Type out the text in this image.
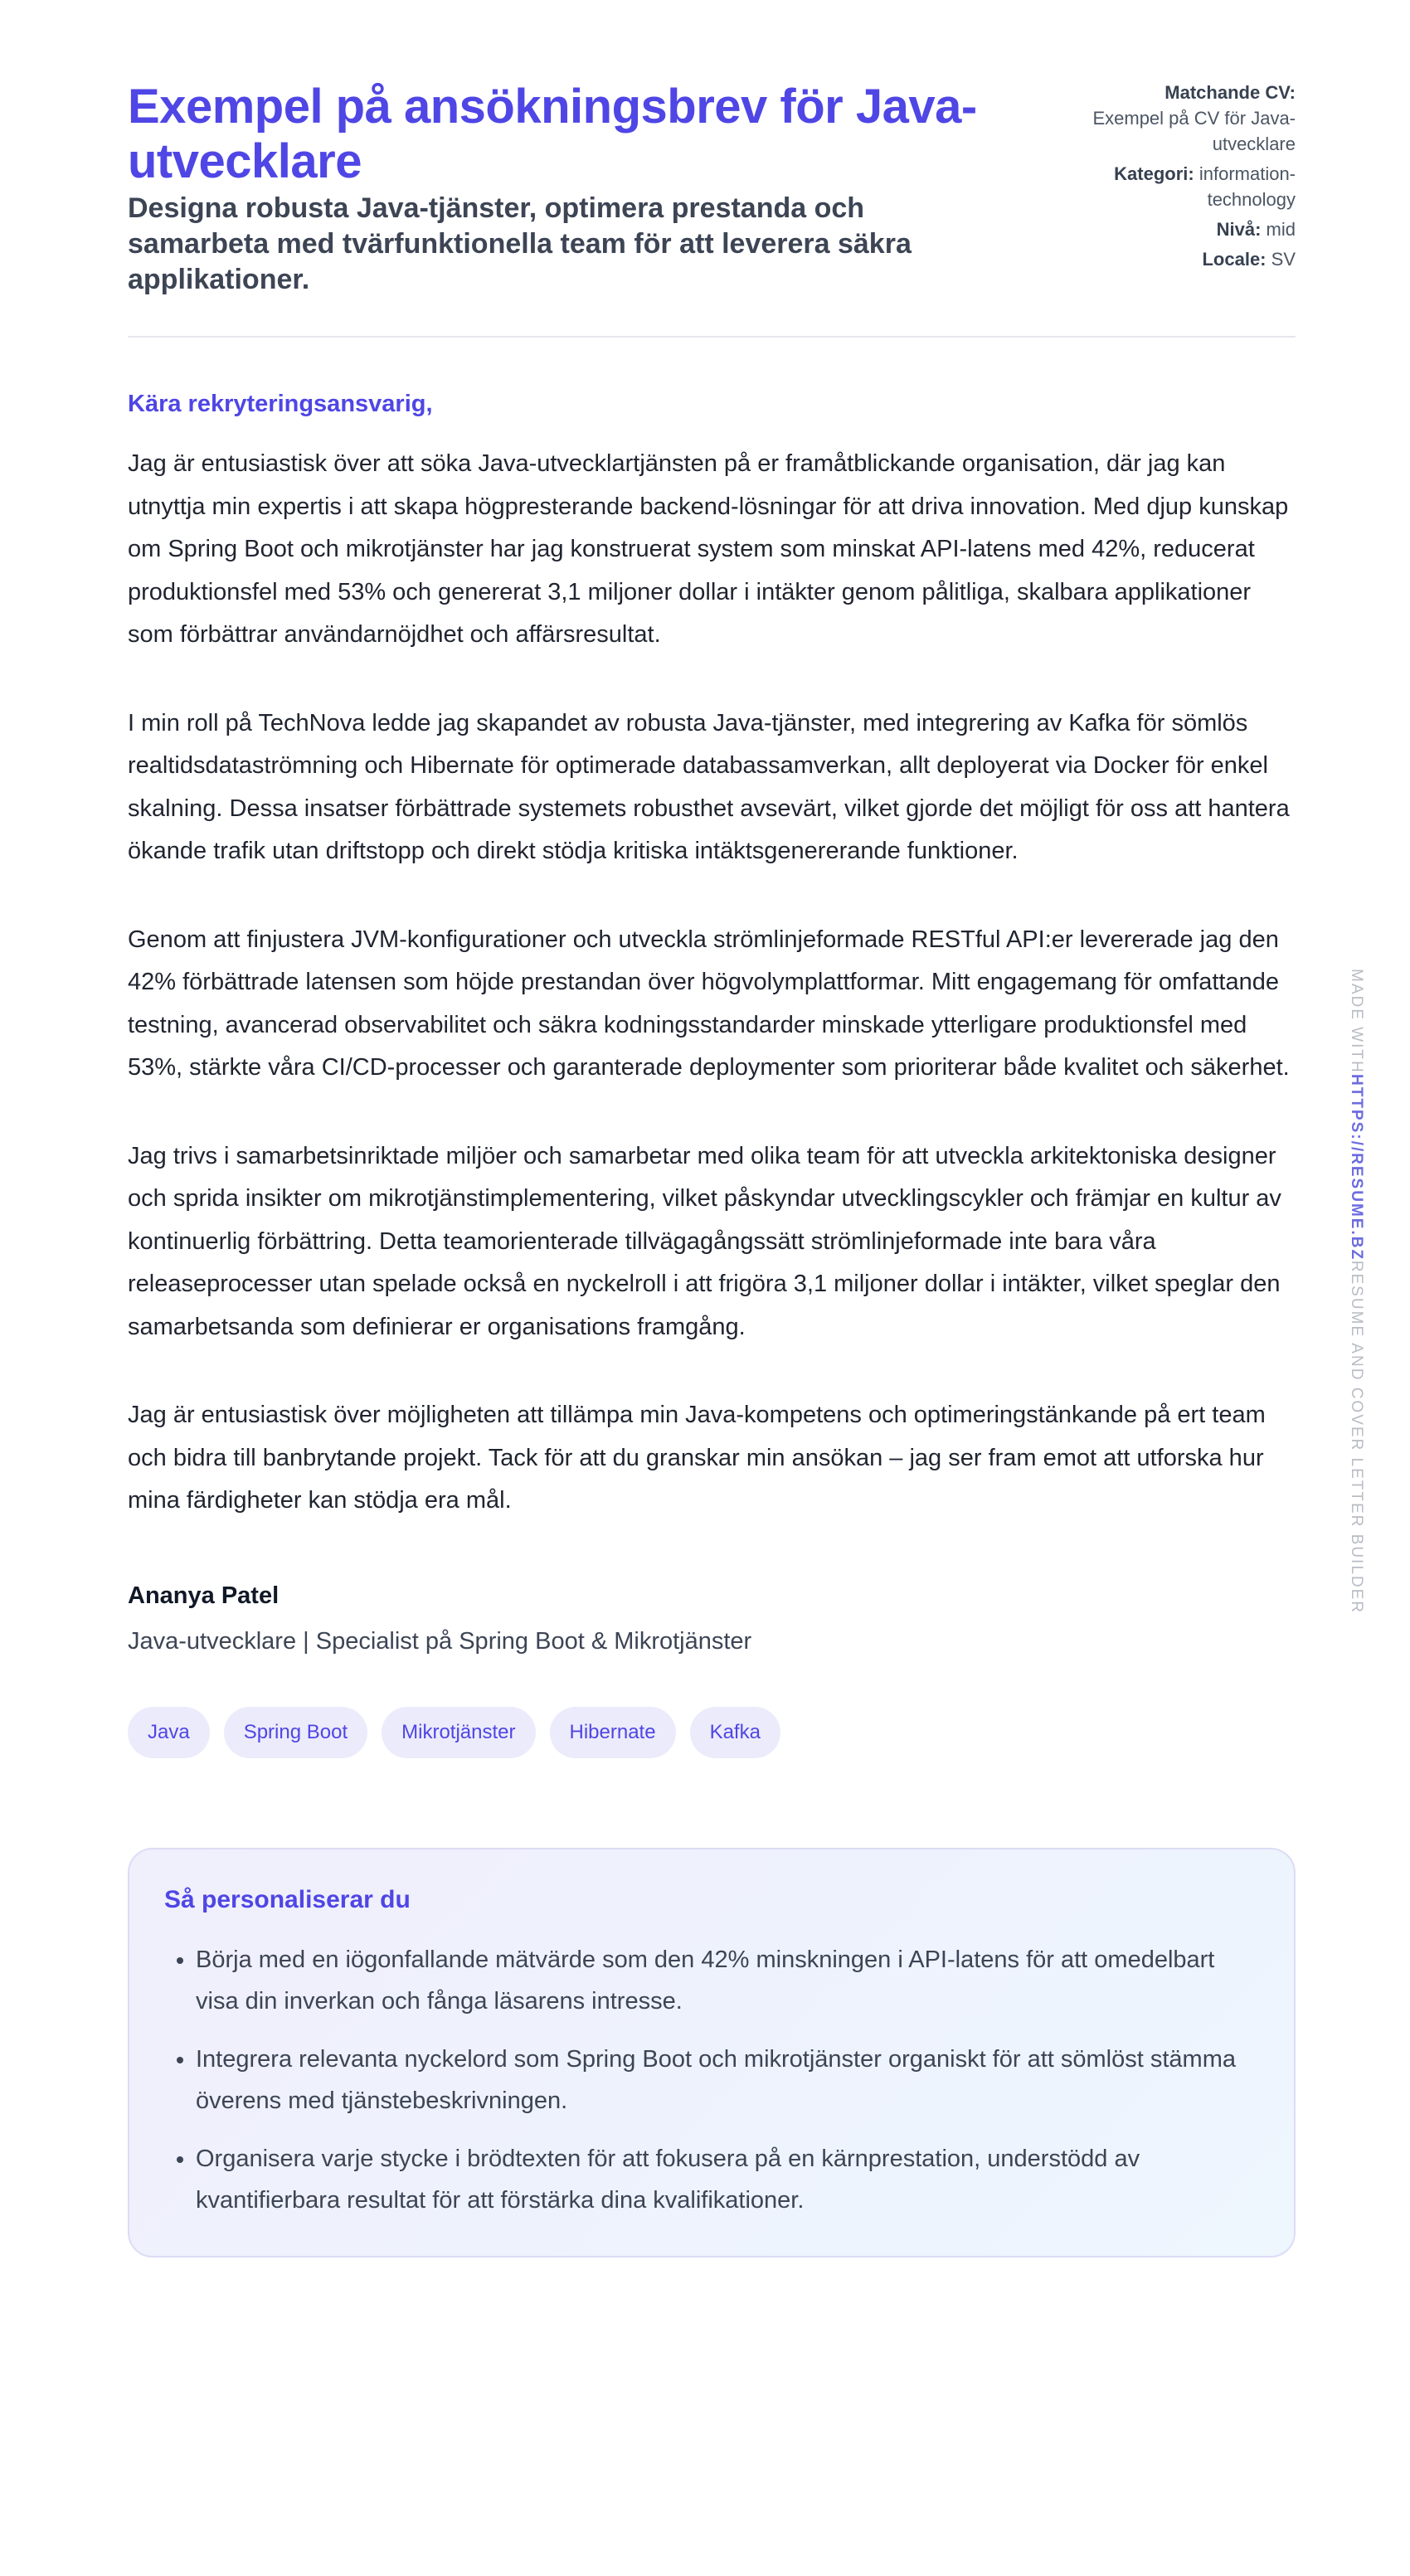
Exempel på ansökningsbrev för Java-utvecklare
Designa robusta Java-tjänster, optimera prestanda och samarbeta med tvärfunktionella team för att leverera säkra applikationer.
Matchande CV:
Exempel på CV för Java-utvecklare
Kategori: information-technology
Nivå: mid
Locale: SV
Kära rekryteringsansvarig,

Jag är entusiastisk över att söka Java-utvecklartjänsten på er framåtblickande organisation, där jag kan utnyttja min expertis i att skapa högpresterande backend-lösningar för att driva innovation. Med djup kunskap om Spring Boot och mikrotjänster har jag konstruerat system som minskat API-latens med 42%, reducerat produktionsfel med 53% och genererat 3,1 miljoner dollar i intäkter genom pålitliga, skalbara applikationer som förbättrar användarnöjdhet och affärsresultat.

I min roll på TechNova ledde jag skapandet av robusta Java-tjänster, med integrering av Kafka för sömlös realtidsdataströmning och Hibernate för optimerade databassamverkan, allt deployerat via Docker för enkel skalning. Dessa insatser förbättrade systemets robusthet avsevärt, vilket gjorde det möjligt för oss att hantera ökande trafik utan driftstopp och direkt stödja kritiska intäktsgenererande funktioner.

Genom att finjustera JVM-konfigurationer och utveckla strömlinjeformade RESTful API:er levererade jag den 42% förbättrade latensen som höjde prestandan över högvolymplattformar. Mitt engagemang för omfattande testning, avancerad observabilitet och säkra kodningsstandarder minskade ytterligare produktionsfel med 53%, stärkte våra CI/CD-processer och garanterade deploymenter som prioriterar både kvalitet och säkerhet.

Jag trivs i samarbetsinriktade miljöer och samarbetar med olika team för att utveckla arkitektoniska designer och sprida insikter om mikrotjänstimplementering, vilket påskyndar utvecklingscykler och främjar en kultur av kontinuerlig förbättring. Detta teamorienterade tillvägagångssätt strömlinjeformade inte bara våra releaseprocesser utan spelade också en nyckelroll i att frigöra 3,1 miljoner dollar i intäkter, vilket speglar den samarbetsanda som definierar er organisations framgång.

Jag är entusiastisk över möjligheten att tillämpa min Java-kompetens och optimeringstänkande på ert team och bidra till banbrytande projekt. Tack för att du granskar min ansökan – jag ser fram emot att utforska hur mina färdigheter kan stödja era mål.

Ananya Patel
Java-utvecklare | Specialist på Spring Boot & Mikrotjänster
Java	Spring Boot	Mikrotjänster	Hibernate	Kafka
Så personaliserar du
• Börja med en iögonfallande mätvärde som den 42% minskningen i API-latens för att omedelbart visa din inverkan och fånga läsarens intresse.
• Integrera relevanta nyckelord som Spring Boot och mikrotjänster organiskt för att sömlöst stämma överens med tjänstebeskrivningen.
• Organisera varje stycke i brödtexten för att fokusera på en kärnprestation, understödd av kvantifierbara resultat för att förstärka dina kvalifikationer.
MADE WITHHTTPS://RESUME.BZRESUME AND COVER LETTER BUILDER
